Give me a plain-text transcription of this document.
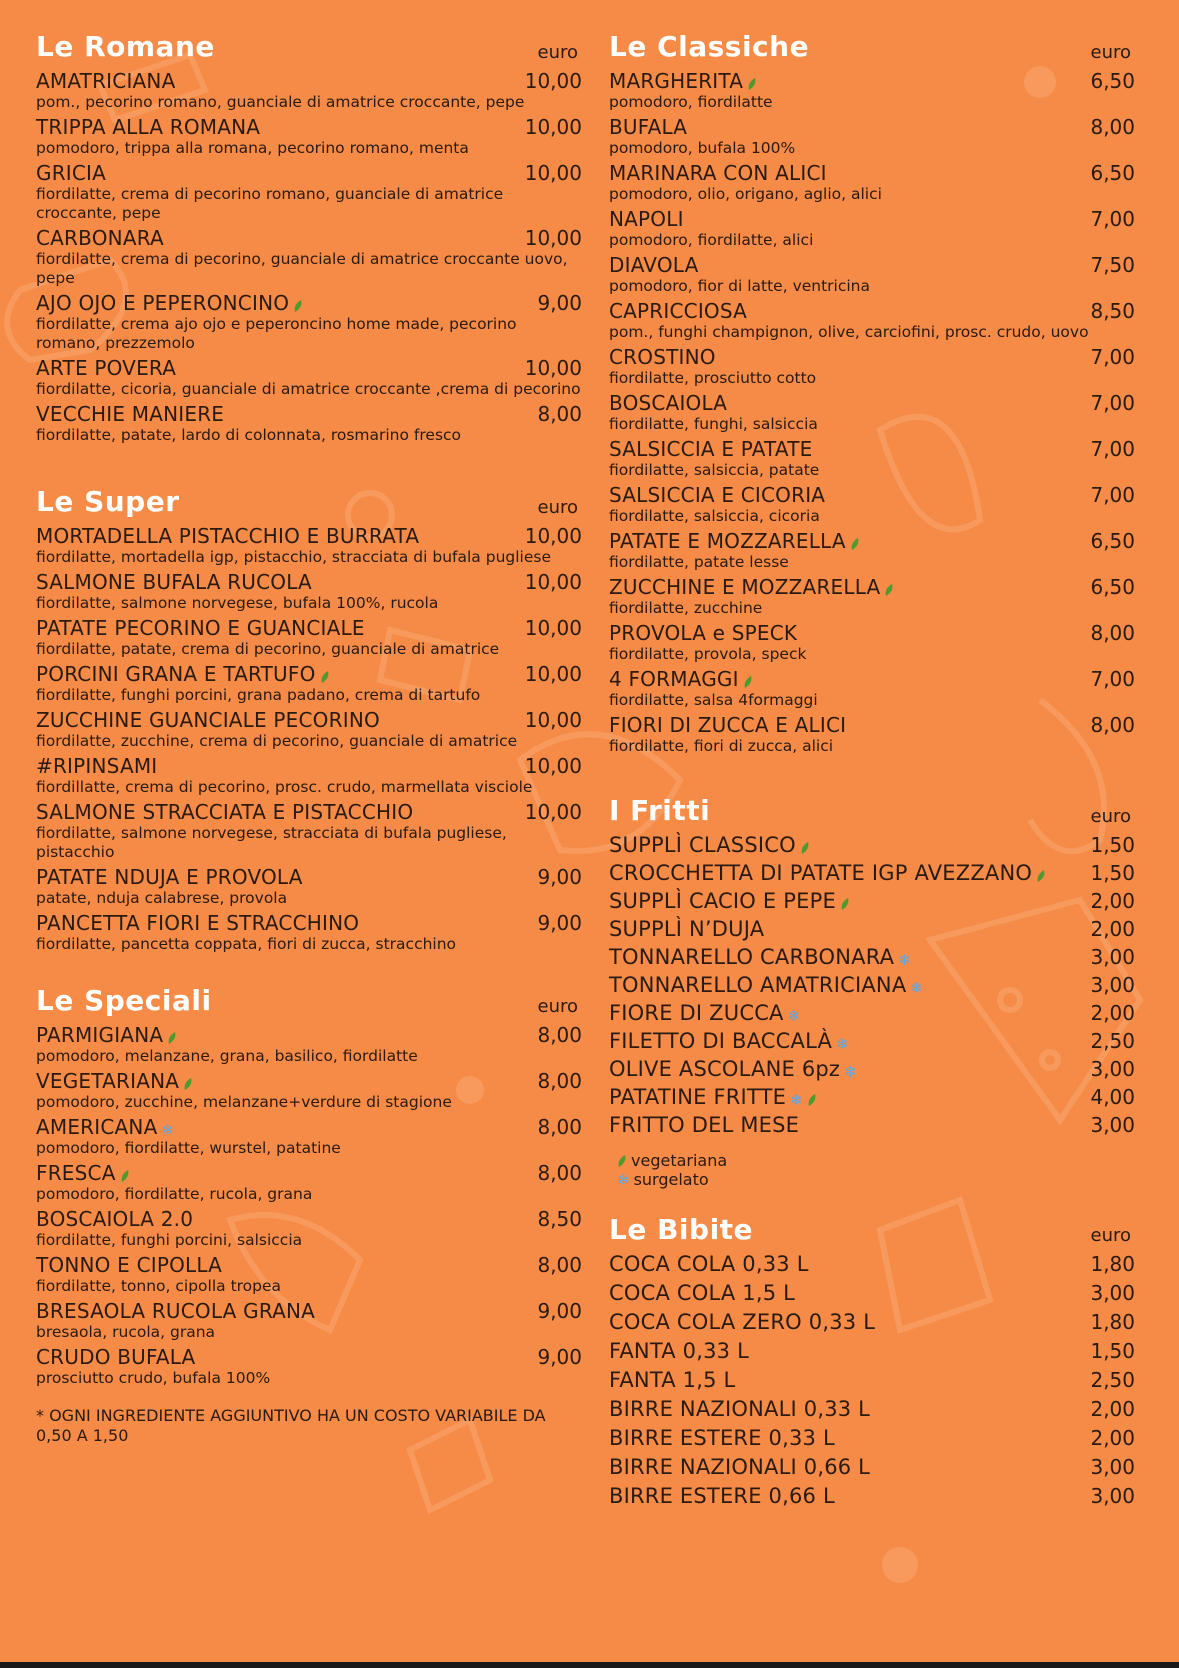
Le Romane	euro
AMATRICIANA	10,00
pom., pecorino romano, guanciale di amatrice croccante, pepe
TRIPPA ALLA ROMANA	10,00
pomodoro, trippa alla romana, pecorino romano, menta
GRICIA	10,00
fiordilatte, crema di pecorino romano, guanciale di amatrice croccante, pepe
CARBONARA	10,00
fiordilatte, crema di pecorino, guanciale di amatrice croccante uovo, pepe
AJO OJO E PEPERONCINO	9,00
fiordilatte, crema ajo ojo e peperoncino home made, pecorino romano, prezzemolo
ARTE POVERA	10,00
fiordilatte, cicoria, guanciale di amatrice croccante ,crema di pecorino
VECCHIE MANIERE	8,00
fiordilatte, patate, lardo di colonnata, rosmarino fresco
Le Super	euro
MORTADELLA PISTACCHIO E BURRATA	10,00
fiordilatte, mortadella igp, pistacchio, stracciata di bufala pugliese
SALMONE BUFALA RUCOLA	10,00
fiordilatte, salmone norvegese, bufala 100%, rucola
PATATE PECORINO E GUANCIALE	10,00
fiordilatte, patate, crema di pecorino, guanciale di amatrice
PORCINI GRANA E TARTUFO	10,00
fiordilatte, funghi porcini, grana padano, crema di tartufo
ZUCCHINE GUANCIALE PECORINO	10,00
fiordilatte, zucchine, crema di pecorino, guanciale di amatrice
#RIPINSAMI	10,00
fiordillatte, crema di pecorino, prosc. crudo, marmellata visciole
SALMONE STRACCIATA E PISTACCHIO	10,00
fiordilatte, salmone norvegese, stracciata di bufala pugliese, pistacchio
PATATE NDUJA E PROVOLA	9,00
patate, nduja calabrese, provola
PANCETTA FIORI E STRACCHINO	9,00
fiordilatte, pancetta coppata, fiori di zucca, stracchino
Le Speciali	euro
PARMIGIANA	8,00
pomodoro, melanzane, grana, basilico, fiordilatte
VEGETARIANA	8,00
pomodoro, zucchine, melanzane+verdure di stagione
AMERICANA ❄	8,00
pomodoro, fiordilatte, wurstel, patatine
FRESCA	8,00
pomodoro, fiordilatte, rucola, grana
BOSCAIOLA 2.0	8,50
fiordilatte, funghi porcini, salsiccia
TONNO E CIPOLLA	8,00
fiordilatte, tonno, cipolla tropea
BRESAOLA RUCOLA GRANA	9,00
bresaola, rucola, grana
CRUDO BUFALA	9,00
prosciutto crudo, bufala 100%
* OGNI INGREDIENTE AGGIUNTIVO HA UN COSTO VARIABILE DA 0,50 A 1,50
Le Classiche	euro
MARGHERITA	6,50
pomodoro, fiordilatte
BUFALA	8,00
pomodoro, bufala 100%
MARINARA CON ALICI	6,50
pomodoro, olio, origano, aglio, alici
NAPOLI	7,00
pomodoro, fiordilatte, alici
DIAVOLA	7,50
pomodoro, fior di latte, ventricina
CAPRICCIOSA	8,50
pom., funghi champignon, olive, carciofini, prosc. crudo, uovo
CROSTINO	7,00
fiordilatte, prosciutto cotto
BOSCAIOLA	7,00
fiordilatte, funghi, salsiccia
SALSICCIA E PATATE	7,00
fiordilatte, salsiccia, patate
SALSICCIA E CICORIA	7,00
fiordilatte, salsiccia, cicoria
PATATE E MOZZARELLA	6,50
fiordilatte, patate lesse
ZUCCHINE E MOZZARELLA	6,50
fiordilatte, zucchine
PROVOLA e SPECK	8,00
fiordilatte, provola, speck
4 FORMAGGI	7,00
fiordilatte, salsa 4formaggi
FIORI DI ZUCCA E ALICI	8,00
fiordilatte, fiori di zucca, alici
I Fritti	euro
SUPPLÌ CLASSICO	1,50
CROCCHETTA DI PATATE IGP AVEZZANO	1,50
SUPPLÌ CACIO E PEPE	2,00
SUPPLÌ N’DUJA	2,00
TONNARELLO CARBONARA ❄	3,00
TONNARELLO AMATRICIANA ❄	3,00
FIORE DI ZUCCA ❄	2,00
FILETTO DI BACCALÀ ❄	2,50
OLIVE ASCOLANE 6pz ❄	3,00
PATATINE FRITTE ❄	4,00
FRITTO DEL MESE	3,00
vegetariana
❄ surgelato
Le Bibite	euro
COCA COLA 0,33 L	1,80
COCA COLA 1,5 L	3,00
COCA COLA ZERO 0,33 L	1,80
FANTA 0,33 L	1,50
FANTA 1,5 L	2,50
BIRRE NAZIONALI 0,33 L	2,00
BIRRE ESTERE 0,33 L	2,00
BIRRE NAZIONALI 0,66 L	3,00
BIRRE ESTERE 0,66 L	3,00
